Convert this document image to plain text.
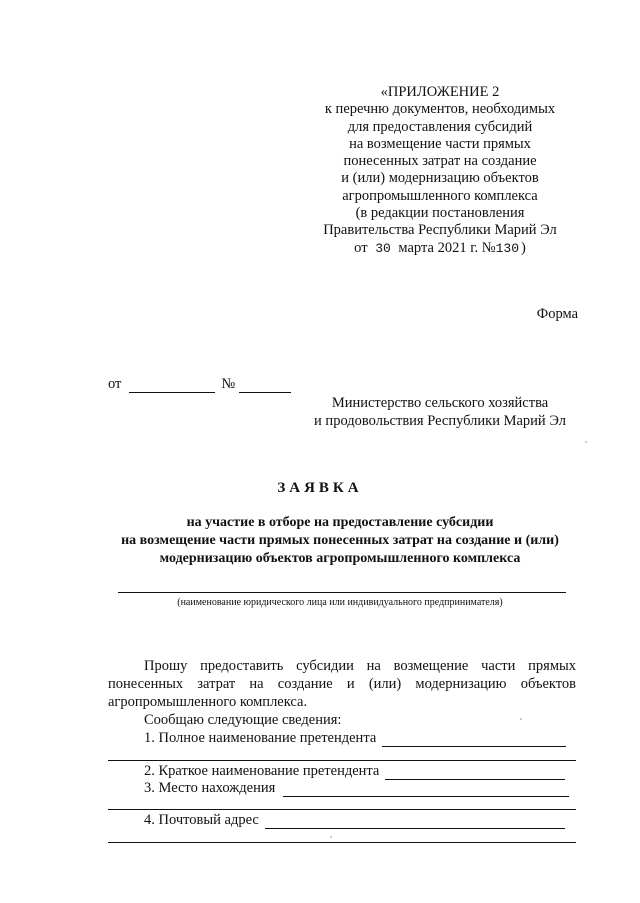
«ПРИЛОЖЕНИЕ 2
к перечню документов, необходимых
для предоставления субсидий
на возмещение части прямых
понесенных затрат на создание
и (или) модернизацию объектов
агропромышленного комплекса
(в редакции постановления
Правительства Республики Марий Эл
от 30 марта 2021 г. №130 )
Форма
от	№
Министерство сельского хозяйства
и продовольствия Республики Марий Эл
ЗАЯВКА
на участие в отборе на предоставление субсидии
на возмещение части прямых понесенных затрат на создание и (или)
модернизацию объектов агропромышленного комплекса
(наименование юридического лица или индивидуального предпринимателя)
Прошу предоставить субсидии на возмещение части прямых
понесенных затрат на создание и (или) модернизацию объектов
агропромышленного комплекса.
Сообщаю следующие сведения:
1. Полное наименование претендента
2. Краткое наименование претендента
3. Место нахождения
4. Почтовый адрес
